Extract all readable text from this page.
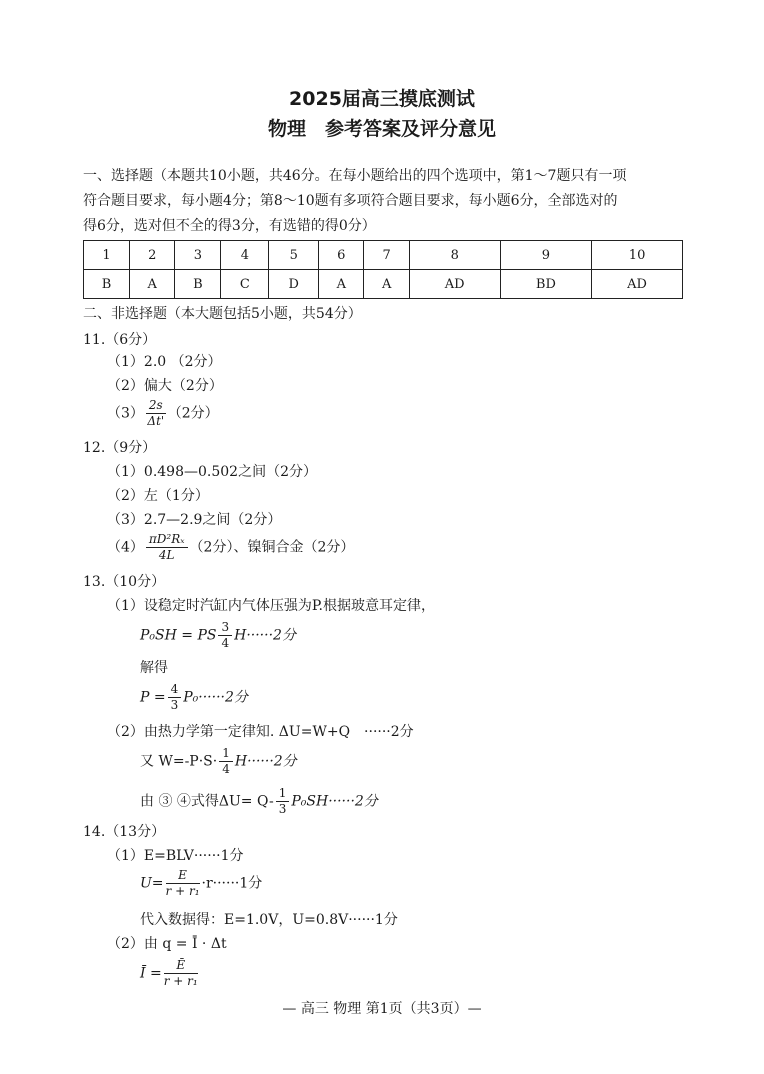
2025届高三摸底测试
物理　参考答案及评分意见
一、选择题（本题共10小题，共46分。在每小题给出的四个选项中，第1～7题只有一项
符合题目要求，每小题4分；第8～10题有多项符合题目要求，每小题6分，全部选对的
得6分，选对但不全的得3分，有选错的得0分）
1	2	3	4	5	6	7	8	9	10
B	A	B	C	D	A	A	AD	BD	AD
二、非选择题（本大题包括5小题，共54分）
11.（6分）
（1）2.0 （2分）
（2）偏大（2分）
$(3) \frac{2s}{\Delta t'} (2$分）
12.（9分）
（1）0.498—0.502之间（2分）
（2）左（1分）
（3）2.7—2.9之间（2分）
$(4) \frac{\text{πD²Rₓ}}{4L} (2$分）、镍铜合金（2分）
13.（10分）
（1）设稳定时汽缸内气体压强为P.根据玻意耳定律，
P₀SH = PS $\frac{3}{4} H\cdot\cdot\cdot\cdot\cdot\cdot 2$分
解得
$P = \frac{4}{3} P_0\cdot\cdot\cdot\cdot\cdot\cdot 2$分
（2）由热力学第一定律知. ΔU=W+Q　······2分
又 $W=-P\cdot S\cdot \frac{1}{4} H\cdot\cdot\cdot\cdot\cdot\cdot 2$分
由 ③ ④式得$\Delta U= Q- \frac{1}{3} P_0SH\cdot\cdot\cdot\cdot\cdot\cdot 2$分
14.（13分）
（1）E=BLV······1分
$U= \frac{E}{\text{r + r₁}} \cdot r\cdot\cdot\cdot\cdot\cdot\cdot 1$分
代入数据得：E=1.0V，U=0.8V······1分
（2）由 q = Ī · Δt
Ī = $\frac{Ē}{\text{r + r₁}}$
— 高三 物理 第1页（共3页）—
